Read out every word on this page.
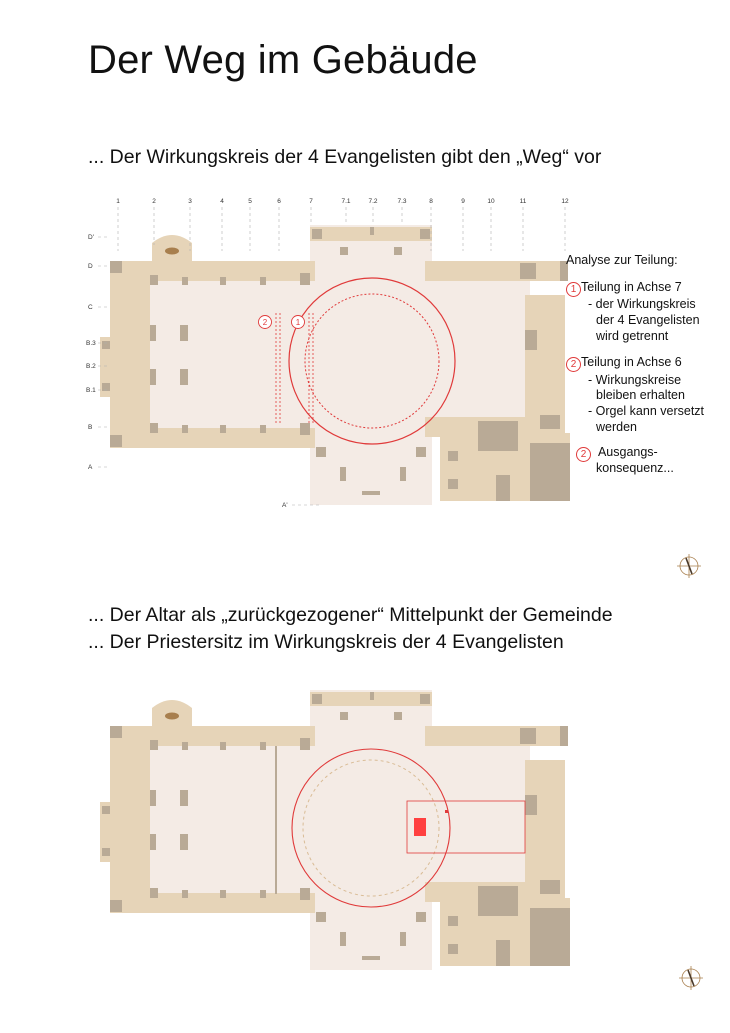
Der Weg im Gebäude
... Der Wirkungskreis der 4 Evangelisten gibt den „Weg“ vor
1	2	3	4	5	6	7	7.1	7.2	7.3	8	9	10	11	12
D'
D
C
B.3
B.2
B.1
B
A
A'
2	1
Analyse zur Teilung:
1 Teilung in Achse 7
- der Wirkungskreis
der 4 Evangelisten
wird getrennt
2 Teilung in Achse 6
- Wirkungskreise
bleiben erhalten
- Orgel kann versetzt
werden
2 Ausgangs-
konsequenz...
... Der Altar als „zurückgezogener“ Mittelpunkt der Gemeinde
... Der Priestersitz im Wirkungskreis der 4 Evangelisten
